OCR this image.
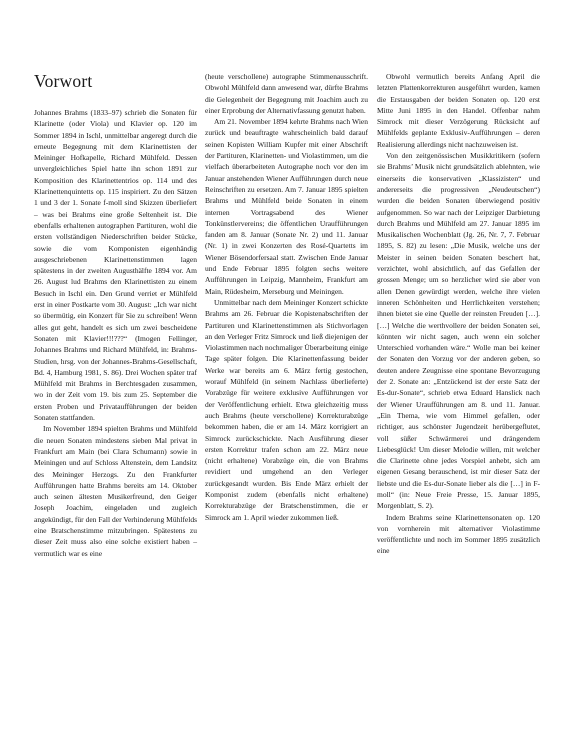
Vorwort

Johannes Brahms (1833–97) schrieb die Sonaten für Klarinette (oder Viola) und Klavier op. 120 im Sommer 1894 in Ischl, unmittelbar angeregt durch die erneute Begegnung mit dem Klarinettisten der Meininger Hofkapelle, Richard Mühlfeld. Dessen unvergleichliches Spiel hatte ihn schon 1891 zur Komposition des Klarinettentrios op. 114 und des Klarinettenquintetts op. 115 inspiriert. Zu den Sätzen 1 und 3 der 1. Sonate f-moll sind Skizzen überliefert – was bei Brahms eine große Seltenheit ist. Die ebenfalls erhaltenen autographen Partituren, wohl die ersten vollständigen Niederschriften beider Stücke, sowie die vom Komponisten eigenhändig ausgeschriebenen Klarinettenstimmen lagen spätestens in der zweiten Augusthälfte 1894 vor. Am 26. August lud Brahms den Klarinettisten zu einem Besuch in Ischl ein. Den Grund verriet er Mühlfeld erst in einer Postkarte vom 30. August: „Ich war nicht so übermütig, ein Konzert für Sie zu schreiben! Wenn alles gut geht, handelt es sich um zwei bescheidene Sonaten mit Klavier!!!???“ (Imogen Fellinger, Johannes Brahms und Richard Mühlfeld, in: Brahms-Studien, hrsg. von der Johannes-Brahms-Gesellschaft, Bd. 4, Hamburg 1981, S. 86). Drei Wochen später traf Mühlfeld mit Brahms in Berchtesgaden zusammen, wo in der Zeit vom 19. bis zum 25. September die ersten Proben und Privataufführungen der beiden Sonaten stattfanden.

Im November 1894 spielten Brahms und Mühlfeld die neuen Sonaten mindestens sieben Mal privat in Frankfurt am Main (bei Clara Schumann) sowie in Meiningen und auf Schloss Altenstein, dem Landsitz des Meininger Herzogs. Zu den Frankfurter Aufführungen hatte Brahms bereits am 14. Oktober auch seinen ältesten Musikerfreund, den Geiger Joseph Joachim, eingeladen und zugleich angekündigt, für den Fall der Verhinderung Mühlfelds eine Bratschenstimme mitzubringen. Spätestens zu dieser Zeit muss also eine solche existiert haben – vermutlich war es eine

(heute verschollene) autographe Stimmenausschrift. Obwohl Mühlfeld dann anwesend war, dürfte Brahms die Gelegenheit der Begegnung mit Joachim auch zu einer Erprobung der Alternativfassung genutzt haben.

Am 21. November 1894 kehrte Brahms nach Wien zurück und beauftragte wahrscheinlich bald darauf seinen Kopisten William Kupfer mit einer Abschrift der Partituren, Klarinetten- und Violastimmen, um die vielfach überarbeiteten Autographe noch vor den im Januar anstehenden Wiener Aufführungen durch neue Reinschriften zu ersetzen. Am 7. Januar 1895 spielten Brahms und Mühlfeld beide Sonaten in einem internen Vortragsabend des Wiener Tonkünstlervereins; die öffentlichen Uraufführungen fanden am 8. Januar (Sonate Nr. 2) und 11. Januar (Nr. 1) in zwei Konzerten des Rosé-Quartetts im Wiener Bösendorfersaal statt. Zwischen Ende Januar und Ende Februar 1895 folgten sechs weitere Aufführungen in Leipzig, Mannheim, Frankfurt am Main, Rüdesheim, Merseburg und Meiningen.

Unmittelbar nach dem Meininger Konzert schickte Brahms am 26. Februar die Kopistenabschriften der Partituren und Klarinettenstimmen als Stichvorlagen an den Verleger Fritz Simrock und ließ diejenigen der Violastimmen nach nochmaliger Überarbeitung einige Tage später folgen. Die Klarinettenfassung beider Werke war bereits am 6. März fertig gestochen, worauf Mühlfeld (in seinem Nachlass überlieferte) Vorabzüge für weitere exklusive Aufführungen vor der Veröffentlichung erhielt. Etwa gleichzeitig muss auch Brahms (heute verschollene) Korrekturabzüge bekommen haben, die er am 14. März korrigiert an Simrock zurückschickte. Nach Ausführung dieser ersten Korrektur trafen schon am 22. März neue (nicht erhaltene) Vorabzüge ein, die von Brahms revidiert und umgehend an den Verleger zurückgesandt wurden. Bis Ende März erhielt der Komponist zudem (ebenfalls nicht erhaltene) Korrekturabzüge der Bratschenstimmen, die er Simrock am 1. April wieder zukommen ließ.

Obwohl vermutlich bereits Anfang April die letzten Plattenkorrekturen ausgeführt wurden, kamen die Erstausgaben der beiden Sonaten op. 120 erst Mitte Juni 1895 in den Handel. Offenbar nahm Simrock mit dieser Verzögerung Rücksicht auf Mühlfelds geplante Exklusiv-Aufführungen – deren Realisierung allerdings nicht nachzuweisen ist.

Von den zeitgenössischen Musikkritikern (sofern sie Brahms’ Musik nicht grundsätzlich ablehnten, wie einerseits die konservativen „Klassizisten“ und andererseits die progressiven „Neudeutschen“) wurden die beiden Sonaten überwiegend positiv aufgenommen. So war nach der Leipziger Darbietung durch Brahms und Mühlfeld am 27. Januar 1895 im Musikalischen Wochenblatt (Jg. 26, Nr. 7, 7. Februar 1895, S. 82) zu lesen: „Die Musik, welche uns der Meister in seinen beiden Sonaten beschert hat, verzichtet, wohl absichtlich, auf das Gefallen der grossen Menge; um so herzlicher wird sie aber von allen Denen gewürdigt werden, welche ihre vielen inneren Schönheiten und Herrlichkeiten verstehen; ihnen bietet sie eine Quelle der reinsten Freuden […]. […] Welche die werthvollere der beiden Sonaten sei, könnten wir nicht sagen, auch wenn ein solcher Unterschied vorhanden wäre.“ Wolle man bei keiner der Sonaten den Vorzug vor der anderen geben, so deuten andere Zeugnisse eine spontane Bevorzugung der 2. Sonate an: „Entzückend ist der erste Satz der Es-dur-Sonate“, schrieb etwa Eduard Hanslick nach der Wiener Uraufführungen am 8. und 11. Januar. „Ein Thema, wie vom Himmel gefallen, oder richtiger, aus schönster Jugendzeit herübergeflutet, voll süßer Schwärmerei und drängendem Liebesglück! Um dieser Melodie willen, mit welcher die Clarinette ohne jedes Vorspiel anhebt, sich am eigenen Gesang berauschend, ist mir dieser Satz der liebste und die Es-dur-Sonate lieber als die […] in F-moll“ (in: Neue Freie Presse, 15. Januar 1895, Morgenblatt, S. 2).

Indem Brahms seine Klarinettensonaten op. 120 von vornherein mit alternativer Violastimme veröffentlichte und noch im Sommer 1895 zusätzlich eine
